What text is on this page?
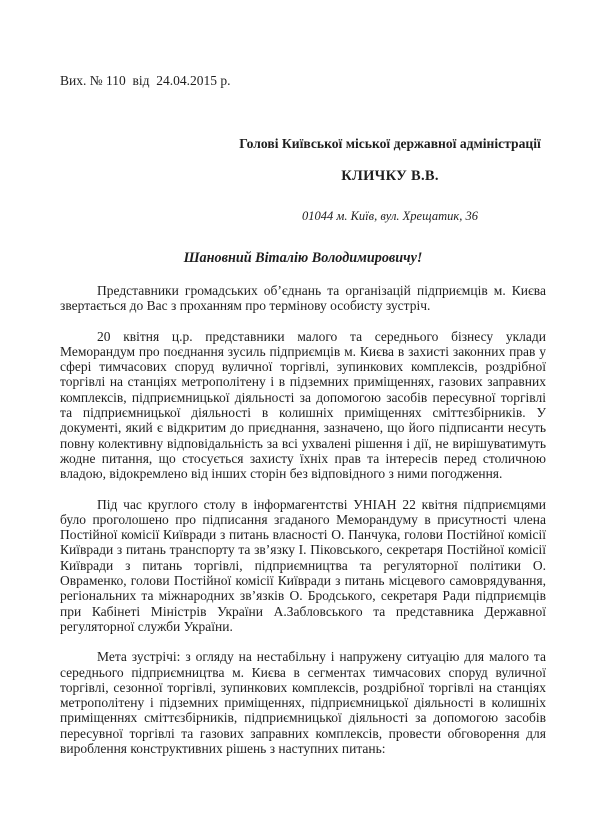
Вих. № 110  від  24.04.2015 р.
Голові Київської міської державної адміністрації
КЛИЧКУ В.В.
01044 м. Київ, вул. Хрещатик, 36
Шановний Віталію Володимировичу!

Представники громадських об’єднань та організацій підприємців м. Києва звертається до Вас з проханням про термінову особисту зустріч.

20 квітня ц.р. представники малого та середнього бізнесу уклади Меморандум про поєднання зусиль підприємців м. Києва в захисті законних прав у сфері тимчасових споруд вуличної торгівлі, зупинкових комплексів, роздрібної торгівлі на станціях метрополітену і в підземних приміщеннях, газових заправних комплексів, підприємницької діяльності за допомогою засобів пересувної торгівлі та підприємницької діяльності в колишніх приміщеннях сміттєзбірників. У документі, який є відкритим до приєднання, зазначено, що його підписанти несуть повну колективну відповідальність за всі ухвалені рішення і дії, не вирішуватимуть жодне питання, що стосується захисту їхніх прав та інтересів перед столичною владою, відокремлено від інших сторін без відповідного з ними погодження.

Під час круглого столу в інформагентстві УНІАН 22 квітня підприємцями було проголошено про підписання згаданого Меморандуму в присутності члена Постійної комісії Київради з питань власності О. Панчука, голови Постійної комісії Київради з питань транспорту та зв’язку І. Піковського, секретаря Постійної комісії Київради з питань торгівлі, підприємництва та регуляторної політики О. Овраменко, голови Постійної комісії Київради з питань місцевого самоврядування, регіональних та міжнародних зв’язків О. Бродського, секретаря Ради підприємців при Кабінеті Міністрів України А.Забловського та представника Державної регуляторної служби України.

Мета зустрічі: з огляду на нестабільну і напружену ситуацію для малого та середнього підприємництва м. Києва в сегментах тимчасових споруд вуличної торгівлі, сезонної торгівлі, зупинкових комплексів, роздрібної торгівлі на станціях метрополітену і підземних приміщеннях, підприємницької діяльності в колишніх приміщеннях сміттєзбірників, підприємницької діяльності за допомогою засобів пересувної торгівлі та газових заправних комплексів, провести обговорення для вироблення конструктивних рішень з наступних питань:
